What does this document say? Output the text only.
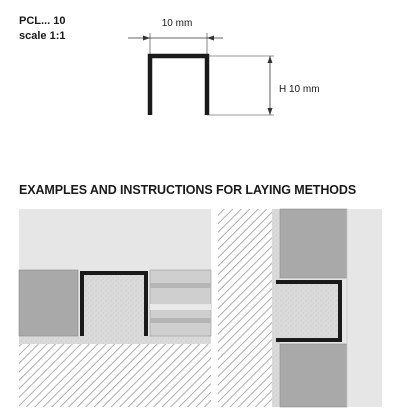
PCL... 10
scale 1:1
10 mm
H 10 mm
EXAMPLES AND INSTRUCTIONS FOR LAYING METHODS
